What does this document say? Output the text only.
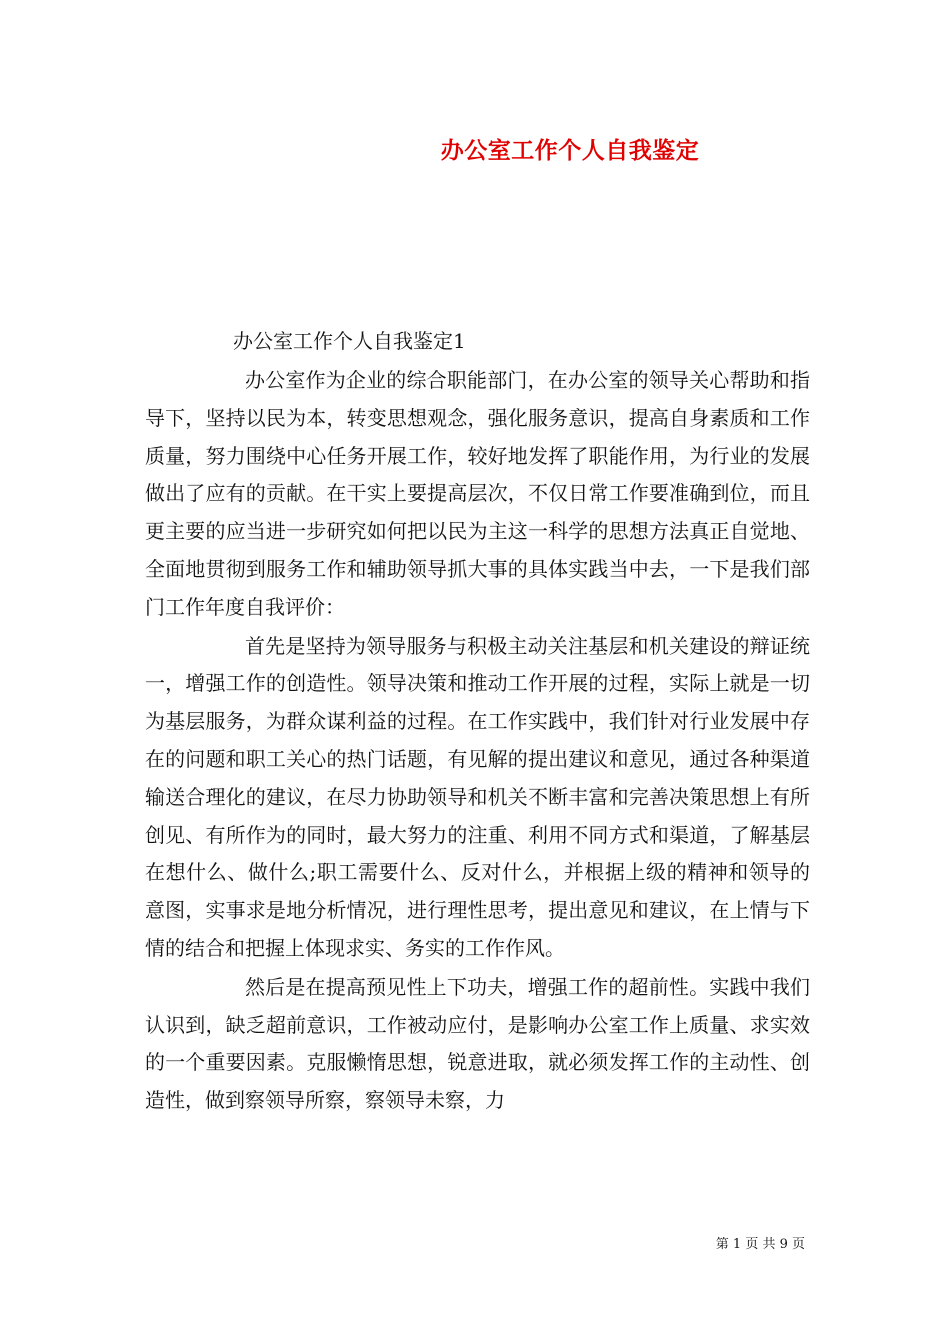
办公室工作个人自我鉴定
办公室工作个人自我鉴定1

办公室作为企业的综合职能部门，在办公室的领导关心帮助和指导下，坚持以民为本，转变思想观念，强化服务意识，提高自身素质和工作质量，努力围绕中心任务开展工作，较好地发挥了职能作用，为行业的发展做出了应有的贡献。在干实上要提高层次，不仅日常工作要准确到位，而且更主要的应当进一步研究如何把以民为主这一科学的思想方法真正自觉地、全面地贯彻到服务工作和辅助领导抓大事的具体实践当中去，一下是我们部门工作年度自我评价：

首先是坚持为领导服务与积极主动关注基层和机关建设的辩证统一，增强工作的创造性。领导决策和推动工作开展的过程，实际上就是一切为基层服务，为群众谋利益的过程。在工作实践中，我们针对行业发展中存在的问题和职工关心的热门话题，有见解的提出建议和意见，通过各种渠道输送合理化的建议，在尽力协助领导和机关不断丰富和完善决策思想上有所创见、有所作为的同时，最大努力的注重、利用不同方式和渠道，了解基层在想什么、做什么;职工需要什么、反对什么，并根据上级的精神和领导的意图，实事求是地分析情况，进行理性思考，提出意见和建议，在上情与下情的结合和把握上体现求实、务实的工作作风。

然后是在提高预见性上下功夫，增强工作的超前性。实践中我们认识到，缺乏超前意识，工作被动应付，是影响办公室工作上质量、求实效的一个重要因素。克服懒惰思想，锐意进取，就必须发挥工作的主动性、创造性，做到察领导所察，察领导未察，力

第 1 页 共 9 页
